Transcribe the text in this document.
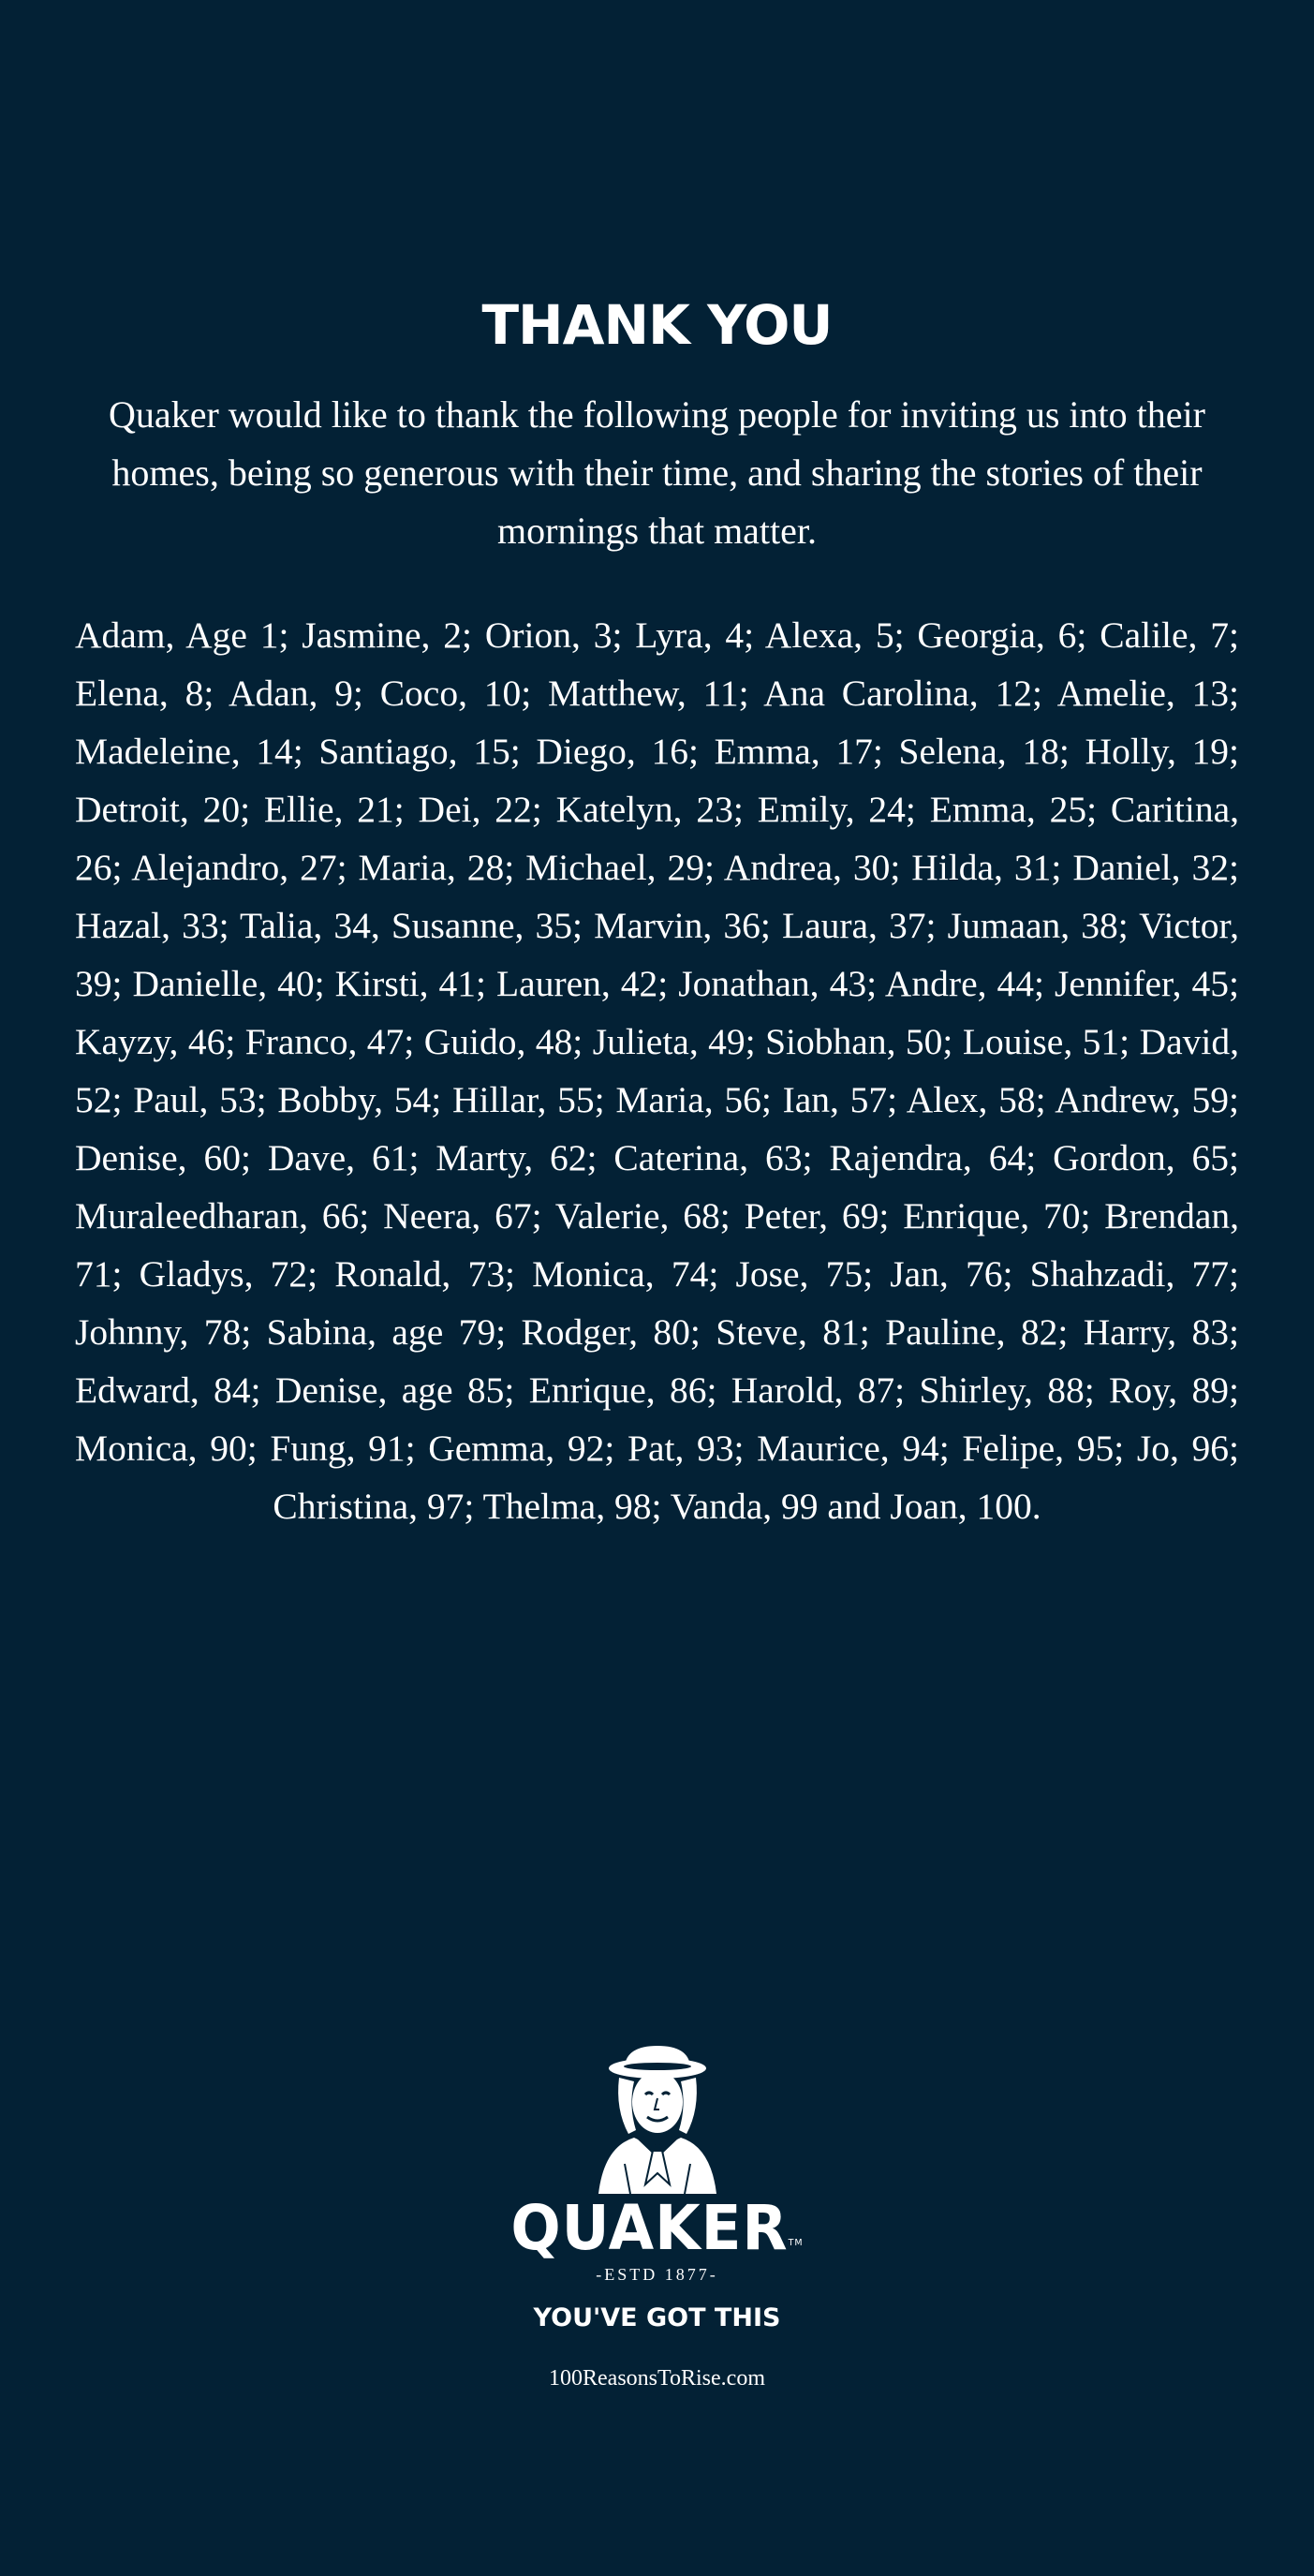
THANK YOU

Quaker would like to thank the following people for inviting us into their homes, being so generous with their time, and sharing the stories of their mornings that matter.

Adam, Age 1; Jasmine, 2; Orion, 3; Lyra, 4; Alexa, 5; Georgia, 6; Calile, 7; Elena, 8; Adan, 9; Coco, 10; Matthew, 11; Ana Carolina, 12; Amelie, 13; Madeleine, 14; Santiago, 15; Diego, 16; Emma, 17; Selena, 18; Holly, 19; Detroit, 20; Ellie, 21; Dei, 22; Katelyn, 23; Emily, 24; Emma, 25; Caritina, 26; Alejandro, 27; Maria, 28; Michael, 29; Andrea, 30; Hilda, 31; Daniel, 32; Hazal, 33; Talia, 34, Susanne, 35; Marvin, 36; Laura, 37; Jumaan, 38; Victor, 39; Danielle, 40; Kirsti, 41; Lauren, 42; Jonathan, 43; Andre, 44; Jennifer, 45; Kayzy, 46; Franco, 47; Guido, 48; Julieta, 49; Siobhan, 50; Louise, 51; David, 52; Paul, 53; Bobby, 54; Hillar, 55; Maria, 56; Ian, 57; Alex, 58; Andrew, 59; Denise, 60; Dave, 61; Marty, 62; Caterina, 63; Rajendra, 64; Gordon, 65; Muraleedharan, 66; Neera, 67; Valerie, 68; Peter, 69; Enrique, 70; Brendan, 71; Gladys, 72; Ronald, 73; Monica, 74; Jose, 75; Jan, 76; Shahzadi, 77; Johnny, 78; Sabina, age 79; Rodger, 80; Steve, 81; Pauline, 82; Harry, 83; Edward, 84; Denise, age 85; Enrique, 86; Harold, 87; Shirley, 88; Roy, 89; Monica, 90; Fung, 91; Gemma, 92; Pat, 93; Maurice, 94; Felipe, 95; Jo, 96; Christina, 97; Thelma, 98; Vanda, 99 and Joan, 100.

QUAKER™
-ESTD 1877-
YOU'VE GOT THIS
100ReasonsToRise.com
